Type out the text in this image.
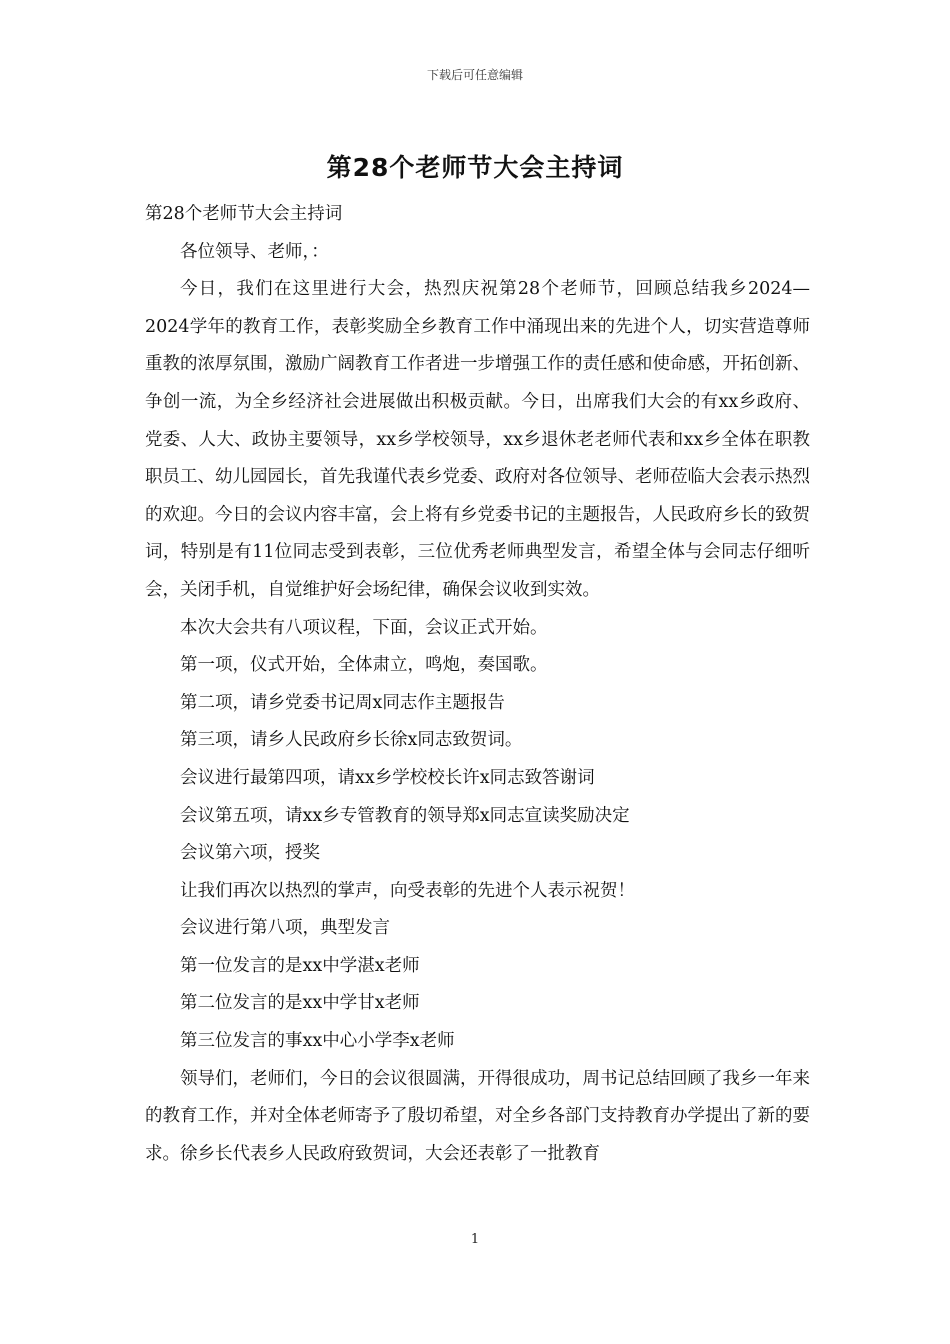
下载后可任意编辑
第28个老师节大会主持词

第28个老师节大会主持词

各位领导、老师，：

今日，我们在这里进行大会，热烈庆祝第28个老师节，回顾总结我乡2024—2024学年的教育工作，表彰奖励全乡教育工作中涌现出来的先进个人，切实营造尊师重教的浓厚氛围，激励广阔教育工作者进一步增强工作的责任感和使命感，开拓创新、争创一流，为全乡经济社会进展做出积极贡献。今日，出席我们大会的有xx乡政府、党委、人大、政协主要领导，xx乡学校领导，xx乡退休老老师代表和xx乡全体在职教职员工、幼儿园园长，首先我谨代表乡党委、政府对各位领导、老师莅临大会表示热烈的欢迎。今日的会议内容丰富，会上将有乡党委书记的主题报告，人民政府乡长的致贺词，特别是有11位同志受到表彰，三位优秀老师典型发言，希望全体与会同志仔细听会，关闭手机，自觉维护好会场纪律，确保会议收到实效。

本次大会共有八项议程，下面，会议正式开始。

第一项，仪式开始，全体肃立，鸣炮，奏国歌。

第二项，请乡党委书记周x同志作主题报告

第三项，请乡人民政府乡长徐x同志致贺词。

会议进行最第四项，请xx乡学校校长许x同志致答谢词

会议第五项，请xx乡专管教育的领导郑x同志宣读奖励决定

会议第六项，授奖

让我们再次以热烈的掌声，向受表彰的先进个人表示祝贺！

会议进行第八项，典型发言

第一位发言的是xx中学湛x老师

第二位发言的是xx中学甘x老师

第三位发言的事xx中心小学李x老师

领导们，老师们，今日的会议很圆满，开得很成功，周书记总结回顾了我乡一年来的教育工作，并对全体老师寄予了殷切希望，对全乡各部门支持教育办学提出了新的要求。徐乡长代表乡人民政府致贺词，大会还表彰了一批教育

1
